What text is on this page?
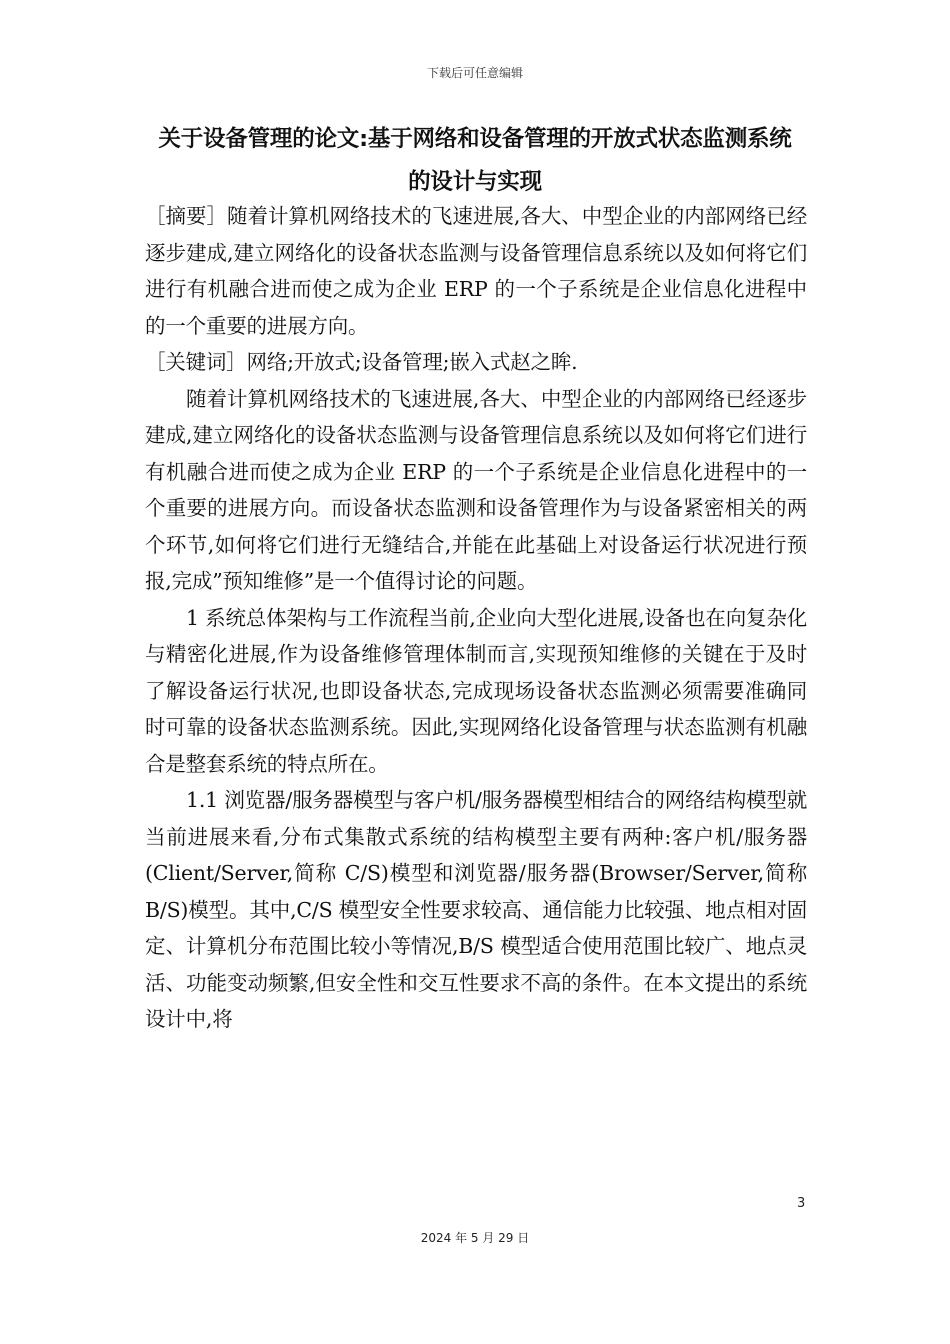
下载后可任意编辑
关于设备管理的论文:基于网络和设备管理的开放式状态监测系统
的设计与实现

［摘要］随着计算机网络技术的飞速进展,各大、中型企业的内部网络已经逐步建成,建立网络化的设备状态监测与设备管理信息系统以及如何将它们进行有机融合进而使之成为企业 ERP 的一个子系统是企业信息化进程中的一个重要的进展方向。

［关键词］网络;开放式;设备管理;嵌入式赵之眸.

随着计算机网络技术的飞速进展,各大、中型企业的内部网络已经逐步建成,建立网络化的设备状态监测与设备管理信息系统以及如何将它们进行有机融合进而使之成为企业 ERP 的一个子系统是企业信息化进程中的一个重要的进展方向。而设备状态监测和设备管理作为与设备紧密相关的两个环节,如何将它们进行无缝结合,并能在此基础上对设备运行状况进行预报,完成”预知维修”是一个值得讨论的问题。

1 系统总体架构与工作流程当前,企业向大型化进展,设备也在向复杂化与精密化进展,作为设备维修管理体制而言,实现预知维修的关键在于及时了解设备运行状况,也即设备状态,完成现场设备状态监测必须需要准确同时可靠的设备状态监测系统。因此,实现网络化设备管理与状态监测有机融合是整套系统的特点所在。

1.1 浏览器/服务器模型与客户机/服务器模型相结合的网络结构模型就当前进展来看,分布式集散式系统的结构模型主要有两种:客户机/服务器(Client/Server,简称 C/S)模型和浏览器/服务器(Browser/Server,简称 B/S)模型。其中,C/S 模型安全性要求较高、通信能力比较强、地点相对固定、计算机分布范围比较小等情况,B/S 模型适合使用范围比较广、地点灵活、功能变动频繁,但安全性和交互性要求不高的条件。在本文提出的系统设计中,将

3
2024 年 5 月 29 日
